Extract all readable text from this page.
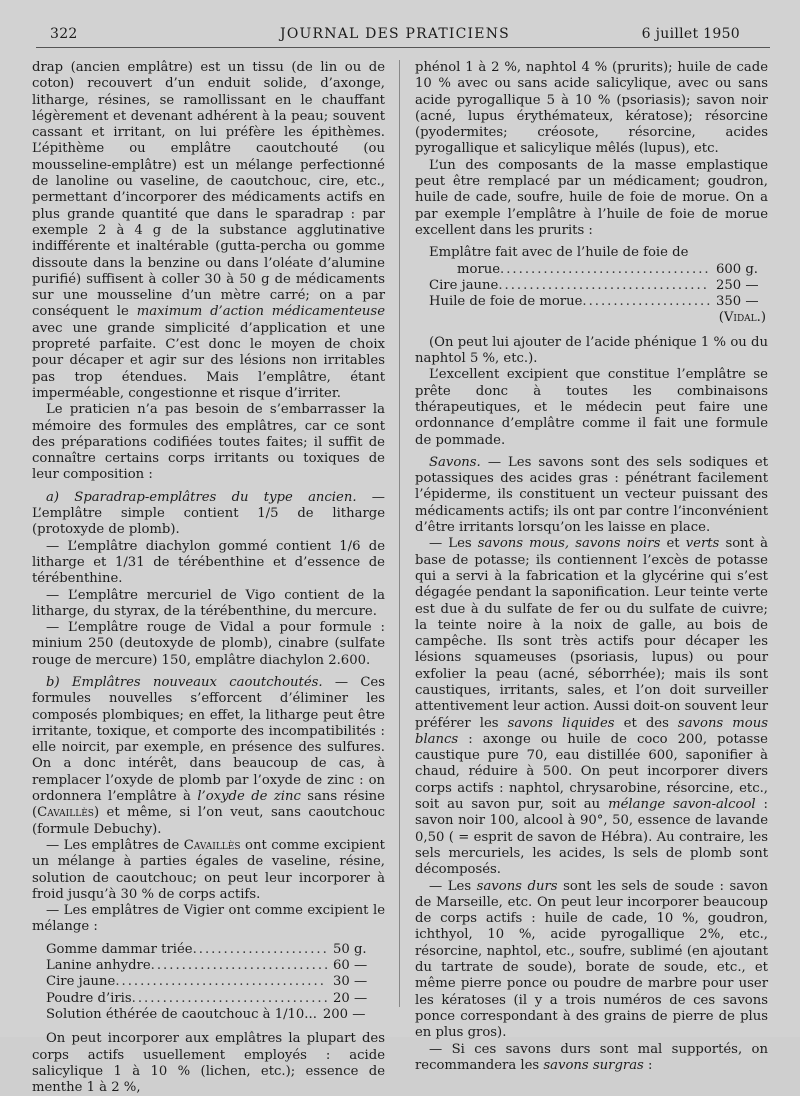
322	JOURNAL DES PRATICIENS	6 juillet 1950

drap (ancien emplâtre) est un tissu (de lin ou de coton) recouvert d’un enduit solide, d’axonge, litharge, résines, se ramollissant en le chauffant légèrement et devenant adhérent à la peau; souvent cassant et irritant, on lui préfère les épithèmes. L’épithème ou emplâtre caoutchouté (ou mousseline-emplâtre) est un mélange perfectionné de lanoline ou vaseline, de caoutchouc, cire, etc., permettant d’incorporer des médicaments actifs en plus grande quantité que dans le sparadrap : par exemple 2 à 4 g de la substance agglutinative indifférente et inaltérable (gutta-percha ou gomme dissoute dans la benzine ou dans l’oléate d’alumine purifié) suffisent à coller 30 à 50 g de médicaments sur une mousseline d’un mètre carré; on a par conséquent le maximum d’action médicamenteuse avec une grande simplicité d’application et une propreté parfaite. C’est donc le moyen de choix pour décaper et agir sur des lésions non irritables pas trop étendues. Mais l’emplâtre, étant imperméable, congestionne et risque d’irriter.

Le praticien n’a pas besoin de s’embarrasser la mémoire des formules des emplâtres, car ce sont des préparations codifiées toutes faites; il suffit de connaître certains corps irritants ou toxiques de leur composition :

a) Sparadrap-emplâtres du type ancien. — L’emplâtre simple contient 1/5 de litharge (protoxyde de plomb).

— L’emplâtre diachylon gommé contient 1/6 de litharge et 1/31 de térébenthine et d’essence de térébenthine.

— L’emplâtre mercuriel de Vigo contient de la litharge, du styrax, de la térébenthine, du mercure.

— L’emplâtre rouge de Vidal a pour formule : minium 250 (deutoxyde de plomb), cinabre (sulfate rouge de mercure) 150, emplâtre diachylon 2.600.

b) Emplâtres nouveaux caoutchoutés. — Ces formules nouvelles s’efforcent d’éliminer les composés plombiques; en effet, la litharge peut être irritante, toxique, et comporte des incompatibilités : elle noircit, par exemple, en présence des sulfures. On a donc intérêt, dans beaucoup de cas, à remplacer l’oxyde de plomb par l’oxyde de zinc : on ordonnera l’emplâtre à l’oxyde de zinc sans résine (Cavaillès) et même, si l’on veut, sans caoutchouc (formule Debuchy).

— Les emplâtres de Cavaillès ont comme excipient un mélange à parties égales de vaseline, résine, solution de caoutchouc; on peut leur incorporer à froid jusqu’à 30 % de corps actifs.

— Les emplâtres de Vigier ont comme excipient le mélange :

Gomme dammar triée .....	50 g.
Lanine anhydre .....	60 —
Cire jaune .....	30 —
Poudre d’iris .....	20 —
Solution éthérée de caoutchouc à 1/10... 200 —

On peut incorporer aux emplâtres la plupart des corps actifs usuellement employés : acide salicylique 1 à 10 % (lichen, etc.); essence de menthe 1 à 2 %,

phénol 1 à 2 %, naphtol 4 % (prurits); huile de cade 10 % avec ou sans acide salicylique, avec ou sans acide pyrogallique 5 à 10 % (psoriasis); savon noir (acné, lupus érythémateux, kératose); résorcine (pyodermites; créosote, résorcine, acides pyrogallique et salicylique mêlés (lupus), etc.

L’un des composants de la masse emplastique peut être remplacé par un médicament; goudron, huile de cade, soufre, huile de foie de morue. On a par exemple l’emplâtre à l’huile de foie de morue excellent dans les prurits :

Emplâtre fait avec de l’huile de foie de
morue .....	600 g.
Cire jaune .....	250 —
Huile de foie de morue .....	350 —
(Vidal.)

(On peut lui ajouter de l’acide phénique 1 % ou du naphtol 5 %, etc.).

L’excellent excipient que constitue l’emplâtre se prête donc à toutes les combinaisons thérapeutiques, et le médecin peut faire une ordonnance d’emplâtre comme il fait une formule de pommade.

Savons. — Les savons sont des sels sodiques et potassiques des acides gras : pénétrant facilement l’épiderme, ils constituent un vecteur puissant des médicaments actifs; ils ont par contre l’inconvénient d’être irritants lorsqu’on les laisse en place.

— Les savons mous, savons noirs et verts sont à base de potasse; ils contiennent l’excès de potasse qui a servi à la fabrication et la glycérine qui s’est dégagée pendant la saponification. Leur teinte verte est due à du sulfate de fer ou du sulfate de cuivre; la teinte noire à la noix de galle, au bois de campêche. Ils sont très actifs pour décaper les lésions squameuses (psoriasis, lupus) ou pour exfolier la peau (acné, séborrhée); mais ils sont caustiques, irritants, sales, et l’on doit surveiller attentivement leur action. Aussi doit-on souvent leur préférer les savons liquides et des savons mous blancs : axonge ou huile de coco 200, potasse caustique pure 70, eau distillée 600, saponifier à chaud, réduire à 500. On peut incorporer divers corps actifs : naphtol, chrysarobine, résorcine, etc., soit au savon pur, soit au mélange savon-alcool : savon noir 100, alcool à 90°, 50, essence de lavande 0,50 ( = esprit de savon de Hébra). Au contraire, les sels mercuriels, les acides, ls sels de plomb sont décomposés.

— Les savons durs sont les sels de soude : savon de Marseille, etc. On peut leur incorporer beaucoup de corps actifs : huile de cade, 10 %, goudron, ichthyol, 10 %, acide pyrogallique 2%, etc., résorcine, naphtol, etc., soufre, sublimé (en ajoutant du tartrate de soude), borate de soude, etc., et même pierre ponce ou poudre de marbre pour user les kératoses (il y a trois numéros de ces savons ponce correspondant à des grains de pierre de plus en plus gros).

— Si ces savons durs sont mal supportés, on recommandera les savons surgras :
